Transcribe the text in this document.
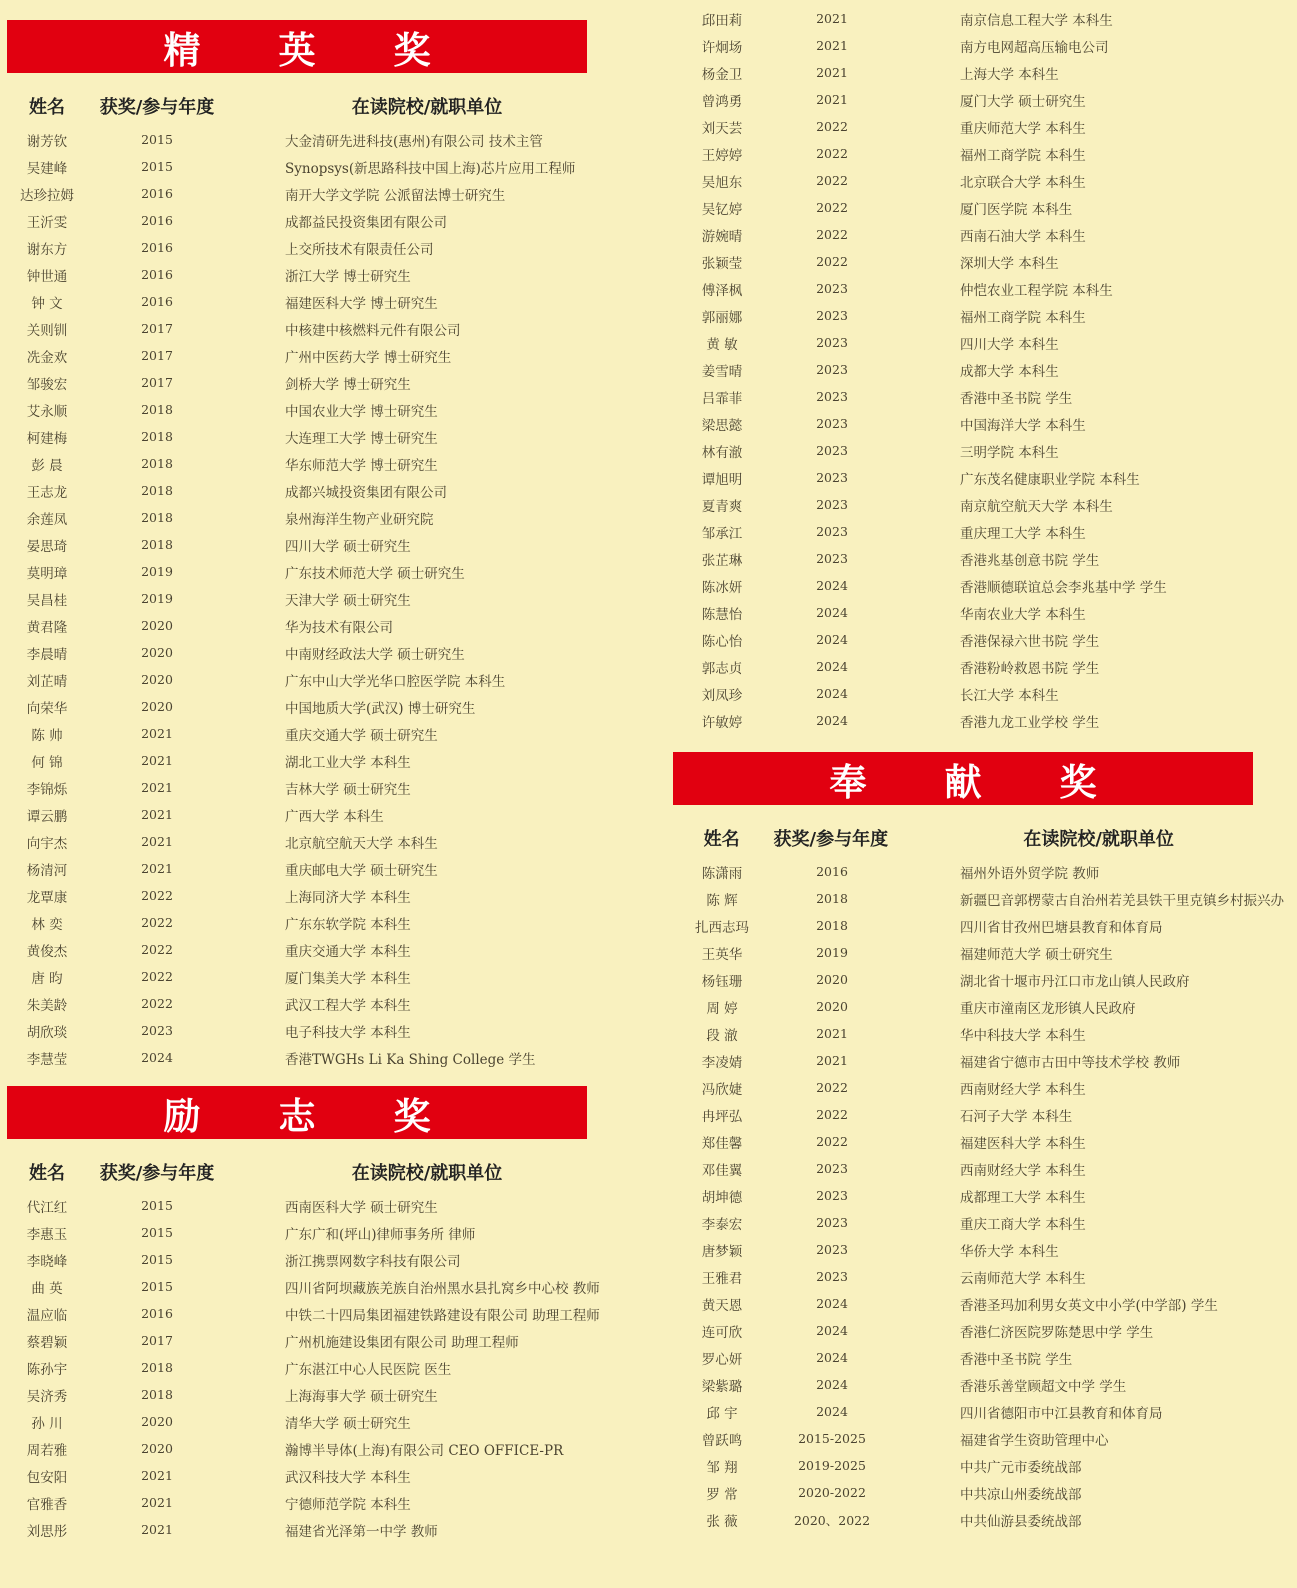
精英奖
姓名	获奖/参与年度	在读院校/就职单位
谢芳钦	2015	大金清研先进科技(惠州)有限公司 技术主管
吴建峰	2015	Synopsys(新思路科技中国上海)芯片应用工程师
达珍拉姆	2016	南开大学文学院 公派留法博士研究生
王沂雯	2016	成都益民投资集团有限公司
谢东方	2016	上交所技术有限责任公司
钟世通	2016	浙江大学 博士研究生
钟 文	2016	福建医科大学 博士研究生
关则钏	2017	中核建中核燃料元件有限公司
冼金欢	2017	广州中医药大学 博士研究生
邹骏宏	2017	剑桥大学 博士研究生
艾永顺	2018	中国农业大学 博士研究生
柯建梅	2018	大连理工大学 博士研究生
彭 晨	2018	华东师范大学 博士研究生
王志龙	2018	成都兴城投资集团有限公司
余莲凤	2018	泉州海洋生物产业研究院
晏思琦	2018	四川大学 硕士研究生
莫明璋	2019	广东技术师范大学 硕士研究生
吴昌桂	2019	天津大学 硕士研究生
黄君隆	2020	华为技术有限公司
李晨晴	2020	中南财经政法大学 硕士研究生
刘芷晴	2020	广东中山大学光华口腔医学院 本科生
向荣华	2020	中国地质大学(武汉) 博士研究生
陈 帅	2021	重庆交通大学 硕士研究生
何 锦	2021	湖北工业大学 本科生
李锦烁	2021	吉林大学 硕士研究生
谭云鹏	2021	广西大学 本科生
向宇杰	2021	北京航空航天大学 本科生
杨清河	2021	重庆邮电大学 硕士研究生
龙覃康	2022	上海同济大学 本科生
林 奕	2022	广东东软学院 本科生
黄俊杰	2022	重庆交通大学 本科生
唐 昀	2022	厦门集美大学 本科生
朱美龄	2022	武汉工程大学 本科生
胡欣琰	2023	电子科技大学 本科生
李慧莹	2024	香港TWGHs Li Ka Shing College 学生
励志奖
姓名	获奖/参与年度	在读院校/就职单位
代江红	2015	西南医科大学 硕士研究生
李惠玉	2015	广东广和(坪山)律师事务所 律师
李晓峰	2015	浙江携票网数字科技有限公司
曲 英	2015	四川省阿坝藏族羌族自治州黑水县扎窝乡中心校 教师
温应临	2016	中铁二十四局集团福建铁路建设有限公司 助理工程师
蔡碧颖	2017	广州机施建设集团有限公司 助理工程师
陈孙宇	2018	广东湛江中心人民医院 医生
吴济秀	2018	上海海事大学 硕士研究生
孙 川	2020	清华大学 硕士研究生
周若雅	2020	瀚博半导体(上海)有限公司 CEO OFFICE-PR
包安阳	2021	武汉科技大学 本科生
官雅香	2021	宁德师范学院 本科生
刘思彤	2021	福建省光泽第一中学 教师
邱田莉	2021	南京信息工程大学 本科生
许炯场	2021	南方电网超高压输电公司
杨金卫	2021	上海大学 本科生
曾鸿勇	2021	厦门大学 硕士研究生
刘天芸	2022	重庆师范大学 本科生
王婷婷	2022	福州工商学院 本科生
吴旭东	2022	北京联合大学 本科生
吴钇婷	2022	厦门医学院 本科生
游婉晴	2022	西南石油大学 本科生
张颖莹	2022	深圳大学 本科生
傅泽枫	2023	仲恺农业工程学院 本科生
郭丽娜	2023	福州工商学院 本科生
黄 敏	2023	四川大学 本科生
姜雪晴	2023	成都大学 本科生
吕霏菲	2023	香港中圣书院 学生
梁思懿	2023	中国海洋大学 本科生
林有澈	2023	三明学院 本科生
谭旭明	2023	广东茂名健康职业学院 本科生
夏青爽	2023	南京航空航天大学 本科生
邹承江	2023	重庆理工大学 本科生
张芷琳	2023	香港兆基创意书院 学生
陈冰妍	2024	香港顺德联谊总会李兆基中学 学生
陈慧怡	2024	华南农业大学 本科生
陈心怡	2024	香港保禄六世书院 学生
郭志贞	2024	香港粉岭救恩书院 学生
刘凤珍	2024	长江大学 本科生
许敏婷	2024	香港九龙工业学校 学生
奉献奖
姓名	获奖/参与年度	在读院校/就职单位
陈潇雨	2016	福州外语外贸学院 教师
陈 辉	2018	新疆巴音郭楞蒙古自治州若羌县铁干里克镇乡村振兴办
扎西志玛	2018	四川省甘孜州巴塘县教育和体育局
王英华	2019	福建师范大学 硕士研究生
杨钰珊	2020	湖北省十堰市丹江口市龙山镇人民政府
周 婷	2020	重庆市潼南区龙形镇人民政府
段 澈	2021	华中科技大学 本科生
李凌婧	2021	福建省宁德市古田中等技术学校 教师
冯欣婕	2022	西南财经大学 本科生
冉坪弘	2022	石河子大学 本科生
郑佳馨	2022	福建医科大学 本科生
邓佳翼	2023	西南财经大学 本科生
胡坤德	2023	成都理工大学 本科生
李泰宏	2023	重庆工商大学 本科生
唐梦颖	2023	华侨大学 本科生
王雅君	2023	云南师范大学 本科生
黄天恩	2024	香港圣玛加利男女英文中小学(中学部) 学生
连可欣	2024	香港仁济医院罗陈楚思中学 学生
罗心妍	2024	香港中圣书院 学生
梁紫璐	2024	香港乐善堂顾超文中学 学生
邱 宇	2024	四川省德阳市中江县教育和体育局
曾跃鸣	2015-2025	福建省学生资助管理中心
邹 翔	2019-2025	中共广元市委统战部
罗 常	2020-2022	中共凉山州委统战部
张 薇	2020、2022	中共仙游县委统战部
